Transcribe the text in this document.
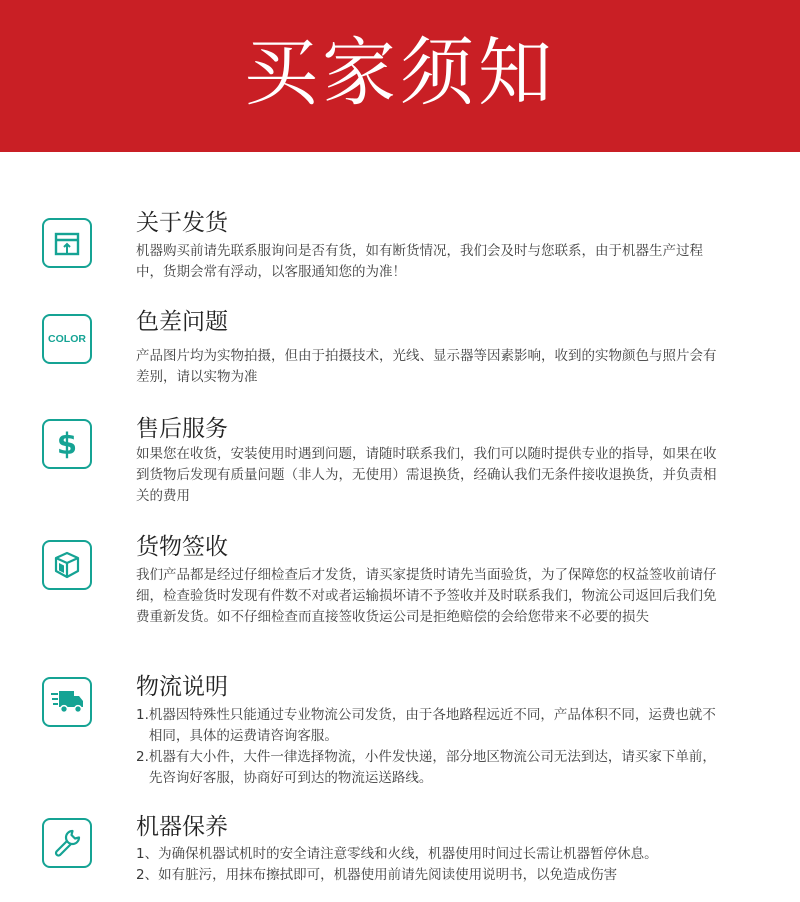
买家须知
关于发货

机器购买前请先联系服询问是否有货，如有断货情况，我们会及时与您联系，由于机器生产过程中，货期会常有浮动，以客服通知您的为准！

COLOR
色差问题

产品图片均为实物拍摄，但由于拍摄技术，光线、显示器等因素影响，收到的实物颜色与照片会有差别，请以实物为准

$	售后服务

如果您在收货，安装使用时遇到问题，请随时联系我们，我们可以随时提供专业的指导，如果在收到货物后发现有质量问题（非人为，无使用）需退换货，经确认我们无条件接收退换货，并负责相关的费用

货物签收

我们产品都是经过仔细检查后才发货，请买家提货时请先当面验货，为了保障您的权益签收前请仔细，检查验货时发现有件数不对或者运输损坏请不予签收并及时联系我们，物流公司返回后我们免费重新发货。如不仔细检查而直接签收货运公司是拒绝赔偿的会给您带来不必要的损失

物流说明
1. 机器因特殊性只能通过专业物流公司发货，由于各地路程远近不同，产品体积不同，运费也就不相同，具体的运费请咨询客服。
2. 机器有大小件，大件一律选择物流，小件发快递，部分地区物流公司无法到达，请买家下单前，先咨询好客服，协商好可到达的物流运送路线。
机器保养
1、 为确保机器试机时的安全请注意零线和火线，机器使用时间过长需让机器暂停休息。
2、 如有脏污，用抹布擦拭即可，机器使用前请先阅读使用说明书，以免造成伤害
